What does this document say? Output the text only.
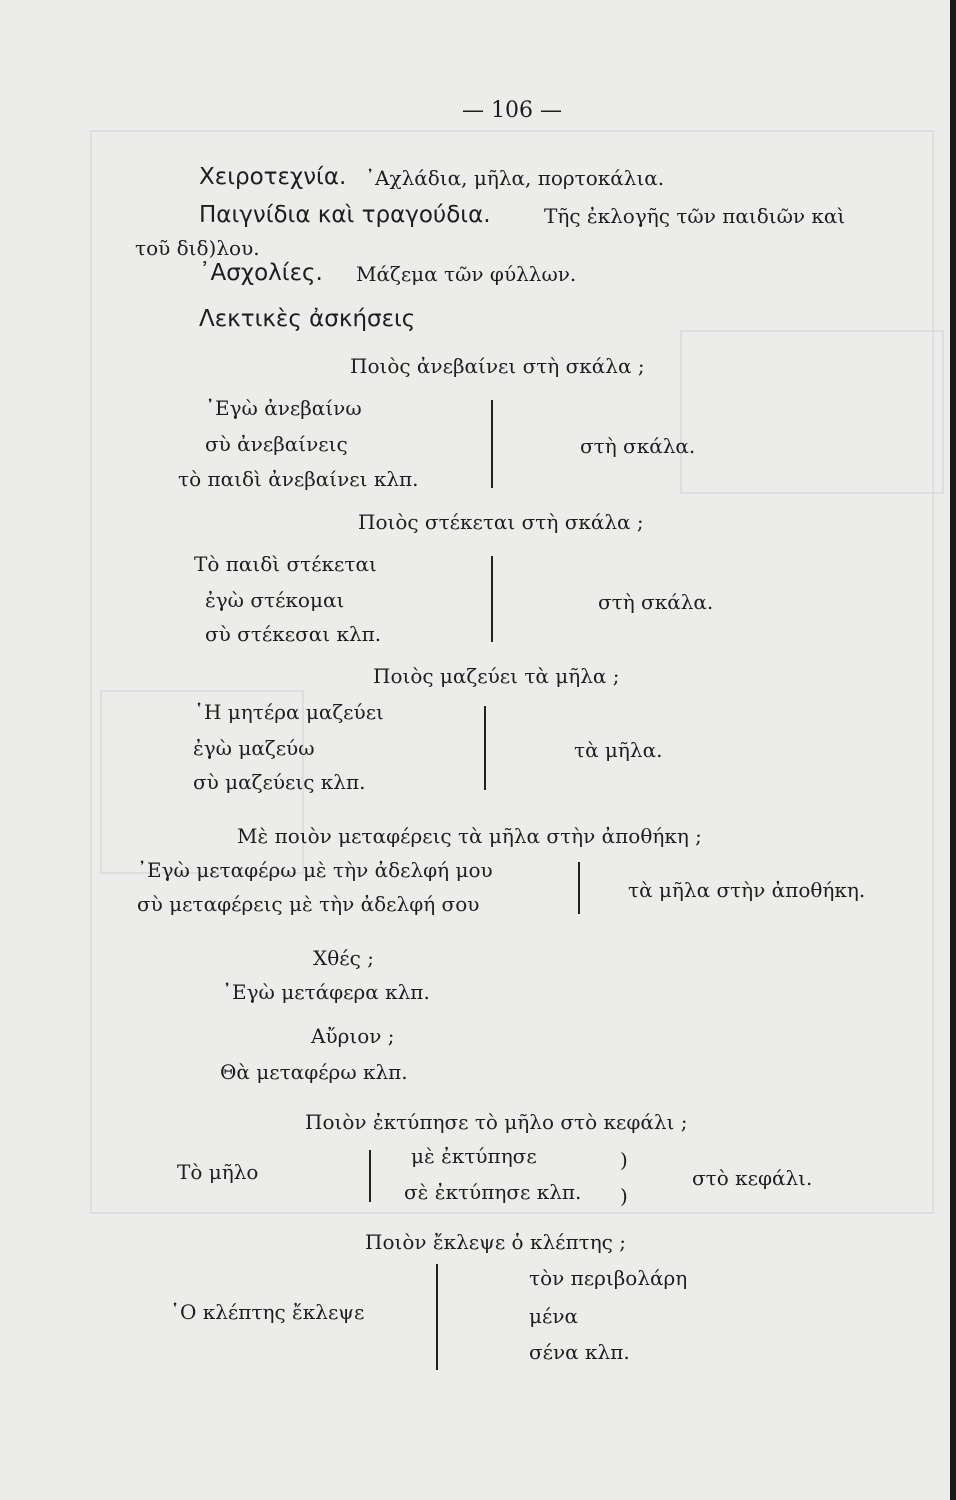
— 106 —
Χειροτεχνία. ᾿Αχλάδια, μῆλα, πορτοκάλια.
Παιγνίδια καὶ τραγούδια.	Τῆς ἐκλογῆς τῶν παιδιῶν καὶ
τοῦ διδ)λου.
᾿Ασχολίες. Μάζεμα τῶν φύλλων.
Λεκτικὲς ἀσκήσεις
Ποιὸς ἀνεβαίνει στὴ σκάλα ;
᾿Εγὼ ἀνεβαίνω
σὺ ἀνεβαίνεις
τὸ παιδὶ ἀνεβαίνει κλπ.
στὴ σκάλα.
Ποιὸς στέκεται στὴ σκάλα ;
Τὸ παιδὶ στέκεται
ἐγὼ στέκομαι
σὺ στέκεσαι κλπ.
στὴ σκάλα.
Ποιὸς μαζεύει τὰ μῆλα ;
῾Η μητέρα μαζεύει
ἐγὼ μαζεύω
σὺ μαζεύεις κλπ.
τὰ μῆλα.
Μὲ ποιὸν μεταφέρεις τὰ μῆλα στὴν ἀποθήκη ;
᾿Εγὼ μεταφέρω μὲ τὴν ἀδελφή μου
σὺ μεταφέρεις μὲ τὴν ἀδελφή σου
τὰ μῆλα στὴν ἀποθήκη.
Χθές ;
᾿Εγὼ μετάφερα κλπ.
Αὔριον ;
Θὰ μεταφέρω κλπ.
Ποιὸν ἐκτύπησε τὸ μῆλο στὸ κεφάλι ;
Τὸ μῆλο
μὲ ἐκτύπησε
σὲ ἐκτύπησε κλπ.
)
)
στὸ κεφάλι.
Ποιὸν ἔκλεψε ὁ κλέπτης ;
῾Ο κλέπτης ἔκλεψε
τὸν περιβολάρη
μένα
σένα κλπ.
